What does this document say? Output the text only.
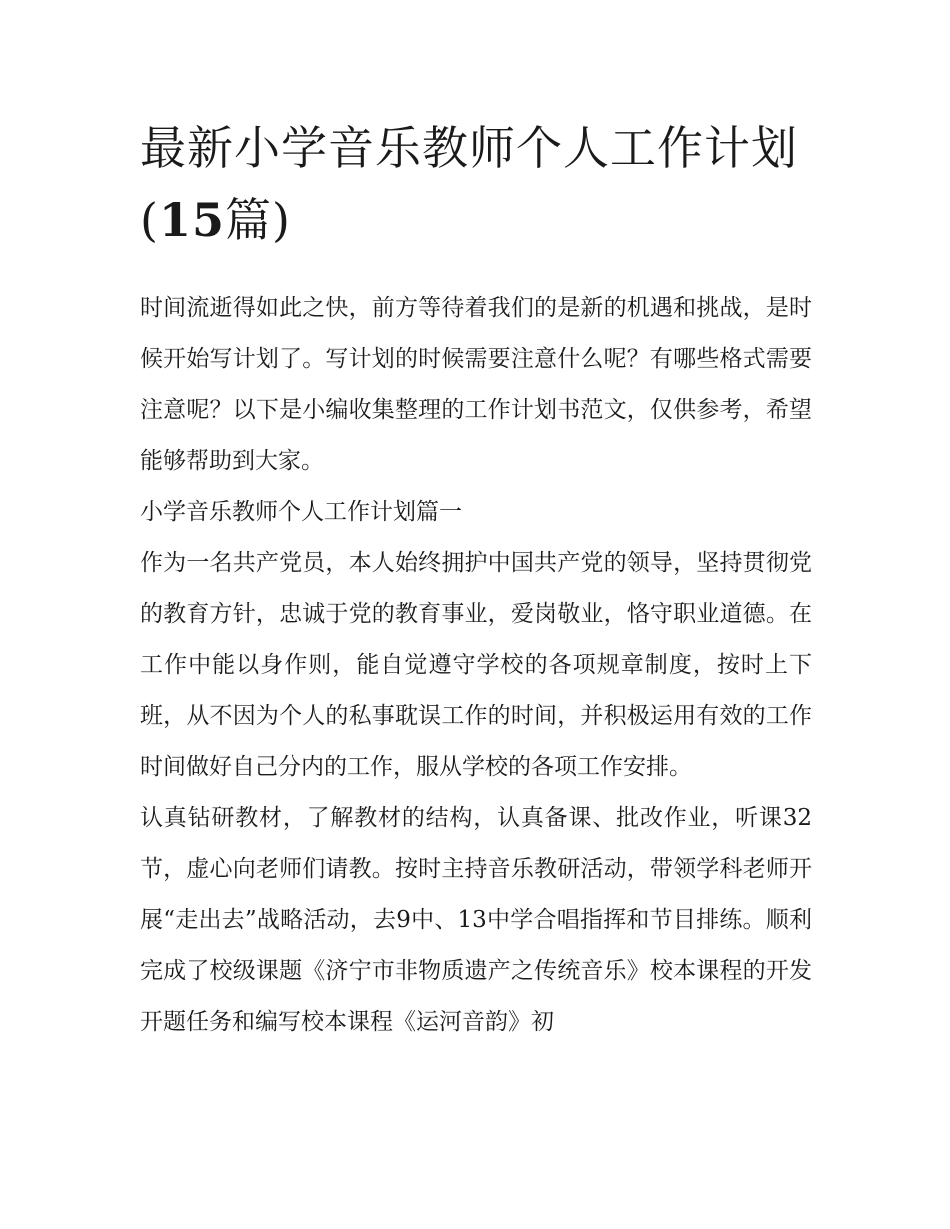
最新小学音乐教师个人工作计划(15篇)

时间流逝得如此之快，前方等待着我们的是新的机遇和挑战，是时候开始写计划了。写计划的时候需要注意什么呢？有哪些格式需要注意呢？以下是小编收集整理的工作计划书范文，仅供参考，希望能够帮助到大家。

小学音乐教师个人工作计划篇一

作为一名共产党员，本人始终拥护中国共产党的领导，坚持贯彻党的教育方针，忠诚于党的教育事业，爱岗敬业，恪守职业道德。在工作中能以身作则，能自觉遵守学校的各项规章制度，按时上下班，从不因为个人的私事耽误工作的时间，并积极运用有效的工作时间做好自己分内的工作，服从学校的各项工作安排。

认真钻研教材，了解教材的结构，认真备课、批改作业，听课32节，虚心向老师们请教。按时主持音乐教研活动，带领学科老师开展“走出去”战略活动，去9中、13中学合唱指挥和节目排练。顺利完成了校级课题《济宁市非物质遗产之传统音乐》校本课程的开发开题任务和编写校本课程《运河音韵》初
